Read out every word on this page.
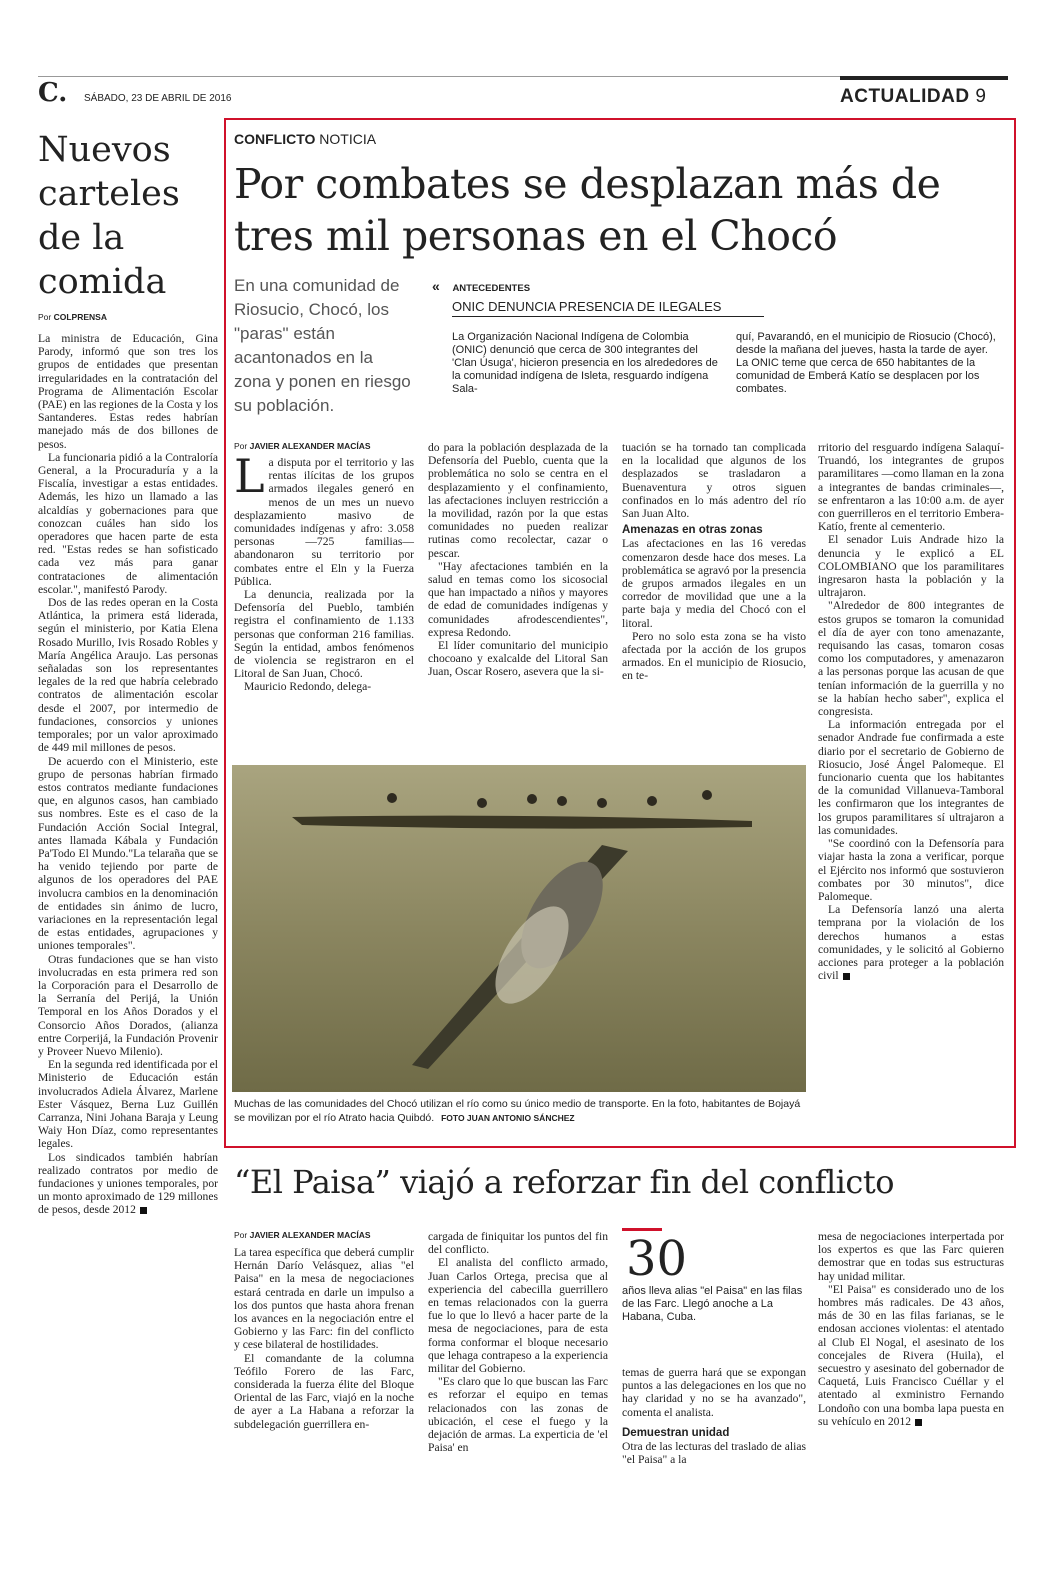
C. SÁBADO, 23 DE ABRIL DE 2016	ACTUALIDAD 9
Nuevos carteles de la comida
Por COLPRENSA

La ministra de Educación, Gina Parody, informó que son tres los grupos de entidades que presentan irregularidades en la contratación del Programa de Alimentación Escolar (PAE) en las regiones de la Costa y los Santanderes. Estas redes habrían manejado más de dos billones de pesos.

La funcionaria pidió a la Contraloría General, a la Procuraduría y a la Fiscalía, investigar a estas entidades. Además, les hizo un llamado a las alcaldías y gobernaciones para que conozcan cuáles han sido los operadores que hacen parte de esta red. "Estas redes se han sofisticado cada vez más para ganar contrataciones de alimentación escolar.", manifestó Parody.

Dos de las redes operan en la Costa Atlántica, la primera está liderada, según el ministerio, por Katia Elena Rosado Murillo, Ivis Rosado Robles y María Angélica Araujo. Las personas señaladas son los representantes legales de la red que habría celebrado contratos de alimentación escolar desde el 2007, por intermedio de fundaciones, consorcios y uniones temporales; por un valor aproximado de 449 mil millones de pesos.

De acuerdo con el Ministerio, este grupo de personas habrían firmado estos contratos mediante fundaciones que, en algunos casos, han cambiado sus nombres. Este es el caso de la Fundación Acción Social Integral, antes llamada Kábala y Fundación Pa'Todo El Mundo."La telaraña que se ha venido tejiendo por parte de algunos de los operadores del PAE involucra cambios en la denominación de entidades sin ánimo de lucro, variaciones en la representación legal de estas entidades, agrupaciones y uniones temporales".

Otras fundaciones que se han visto involucradas en esta primera red son la Corporación para el Desarrollo de la Serranía del Perijá, la Unión Temporal en los Años Dorados y el Consorcio Años Dorados, (alianza entre Corperijá, la Fundación Provenir y Proveer Nuevo Milenio).

En la segunda red identificada por el Ministerio de Educación están involucrados Adiela Álvarez, Marlene Ester Vásquez, Berna Luz Guillén Carranza, Nini Johana Baraja y Leung Waiy Hon Díaz, como representantes legales.

Los sindicados también habrían realizado contratos por medio de fundaciones y uniones temporales, por un monto aproximado de 129 millones de pesos, desde 2012

CONFLICTO NOTICIA
Por combates se desplazan más de tres mil personas en el Chocó
En una comunidad de Riosucio, Chocó, los "paras" están acantonados en la zona y ponen en riesgo su población.
« ANTECEDENTES
ONIC DENUNCIA PRESENCIA DE ILEGALES
La Organización Nacional Indígena de Colombia (ONIC) denunció que cerca de 300 integrantes del 'Clan Úsuga', hicieron presencia en los alrededores de la comunidad indígena de Isleta, resguardo indígena Sala-
quí, Pavarandó, en el municipio de Riosucio (Chocó), desde la mañana del jueves, hasta la tarde de ayer. La ONIC teme que cerca de 650 habitantes de la comunidad de Emberá Katío se desplacen por los combates.
Por JAVIER ALEXANDER MACÍAS

La disputa por el territorio y las rentas ilícitas de los grupos armados ilegales generó en menos de un mes un nuevo desplazamiento masivo de comunidades indígenas y afro: 3.058 personas —725 familias— abandonaron su territorio por combates entre el Eln y la Fuerza Pública.

La denuncia, realizada por la Defensoría del Pueblo, también registra el confinamiento de 1.133 personas que conforman 216 familias. Según la entidad, ambos fenómenos de violencia se registraron en el Litoral de San Juan, Chocó.

Mauricio Redondo, delega-

do para la población desplazada de la Defensoría del Pueblo, cuenta que la problemática no solo se centra en el desplazamiento y el confinamiento, las afectaciones incluyen restricción a la movilidad, razón por la que estas comunidades no pueden realizar rutinas como recolectar, cazar o pescar.

"Hay afectaciones también en la salud en temas como los sicosocial que han impactado a niños y mayores de edad de comunidades indígenas y comunidades afrodescendientes", expresa Redondo.

El líder comunitario del municipio chocoano y exalcalde del Litoral San Juan, Oscar Rosero, asevera que la si-

tuación se ha tornado tan complicada en la localidad que algunos de los desplazados se trasladaron a Buenaventura y otros siguen confinados en lo más adentro del río San Juan Alto.

Amenazas en otras zonas

Las afectaciones en las 16 veredas comenzaron desde hace dos meses. La problemática se agravó por la presencia de grupos armados ilegales en un corredor de movilidad que une a la parte baja y media del Chocó con el litoral.

Pero no solo esta zona se ha visto afectada por la acción de los grupos armados. En el municipio de Riosucio, en te-

rritorio del resguardo indígena Salaquí-Truandó, los integrantes de grupos paramilitares —como llaman en la zona a integrantes de bandas criminales—, se enfrentaron a las 10:00 a.m. de ayer con guerrilleros en el territorio Embera-Katío, frente al cementerio.

El senador Luis Andrade hizo la denuncia y le explicó a EL COLOMBIANO que los paramilitares ingresaron hasta la población y la ultrajaron.

"Alrededor de 800 integrantes de estos grupos se tomaron la comunidad el día de ayer con tono amenazante, requisando las casas, tomaron cosas como los computadores, y amenazaron a las personas porque las acusan de que tenían información de la guerrilla y no se la habían hecho saber", explica el congresista.

La información entregada por el senador Andrade fue confirmada a este diario por el secretario de Gobierno de Riosucio, José Ángel Palomeque. El funcionario cuenta que los habitantes de la comunidad Villanueva-Tamboral les confirmaron que los integrantes de los grupos paramilitares sí ultrajaron a las comunidades.

"Se coordinó con la Defensoría para viajar hasta la zona a verificar, porque el Ejército nos informó que sostuvieron combates por 30 minutos", dice Palomeque.

La Defensoría lanzó una alerta temprana por la violación de los derechos humanos a estas comunidades, y le solicitó al Gobierno acciones para proteger a la población civil

Muchas de las comunidades del Chocó utilizan el río como su único medio de transporte. En la foto, habitantes de Bojayá se movilizan por el río Atrato hacia Quibdó. FOTO JUAN ANTONIO SÁNCHEZ
“El Paisa” viajó a reforzar fin del conflicto
Por JAVIER ALEXANDER MACÍAS

La tarea específica que deberá cumplir Hernán Darío Velásquez, alias "el Paisa" en la mesa de negociaciones estará centrada en darle un impulso a los dos puntos que hasta ahora frenan los avances en la negociación entre el Gobierno y las Farc: fin del conflicto y cese bilateral de hostilidades.

El comandante de la columna Teófilo Forero de las Farc, considerada la fuerza élite del Bloque Oriental de las Farc, viajó en la noche de ayer a La Habana a reforzar la subdelegación guerrillera en-

cargada de finiquitar los puntos del fin del conflicto.

El analista del conflicto armado, Juan Carlos Ortega, precisa que al experiencia del cabecilla guerrillero en temas relacionados con la guerra fue lo que lo llevó a hacer parte de la mesa de negociaciones, para de esta forma conformar el bloque necesario que lehaga contrapeso a la experiencia militar del Gobierno.

"Es claro que lo que buscan las Farc es reforzar el equipo en temas relacionados con las zonas de ubicación, el cese el fuego y la dejación de armas. La experticia de 'el Paisa' en

30
años lleva alias "el Paisa" en las filas de las Farc. Llegó anoche a La Habana, Cuba.

temas de guerra hará que se expongan puntos a las delegaciones en los que no hay claridad y no se ha avanzado", comenta el analista.

Demuestran unidad

Otra de las lecturas del traslado de alias "el Paisa" a la

mesa de negociaciones interpertada por los expertos es que las Farc quieren demostrar que en todas sus estructuras hay unidad militar.

"El Paisa" es considerado uno de los hombres más radicales. De 43 años, más de 30 en las filas farianas, se le endosan acciones violentas: el atentado al Club El Nogal, el asesinato de los concejales de Rivera (Huila), el secuestro y asesinato del gobernador de Caquetá, Luis Francisco Cuéllar y el atentado al exministro Fernando Londoño con una bomba lapa puesta en su vehículo en 2012
